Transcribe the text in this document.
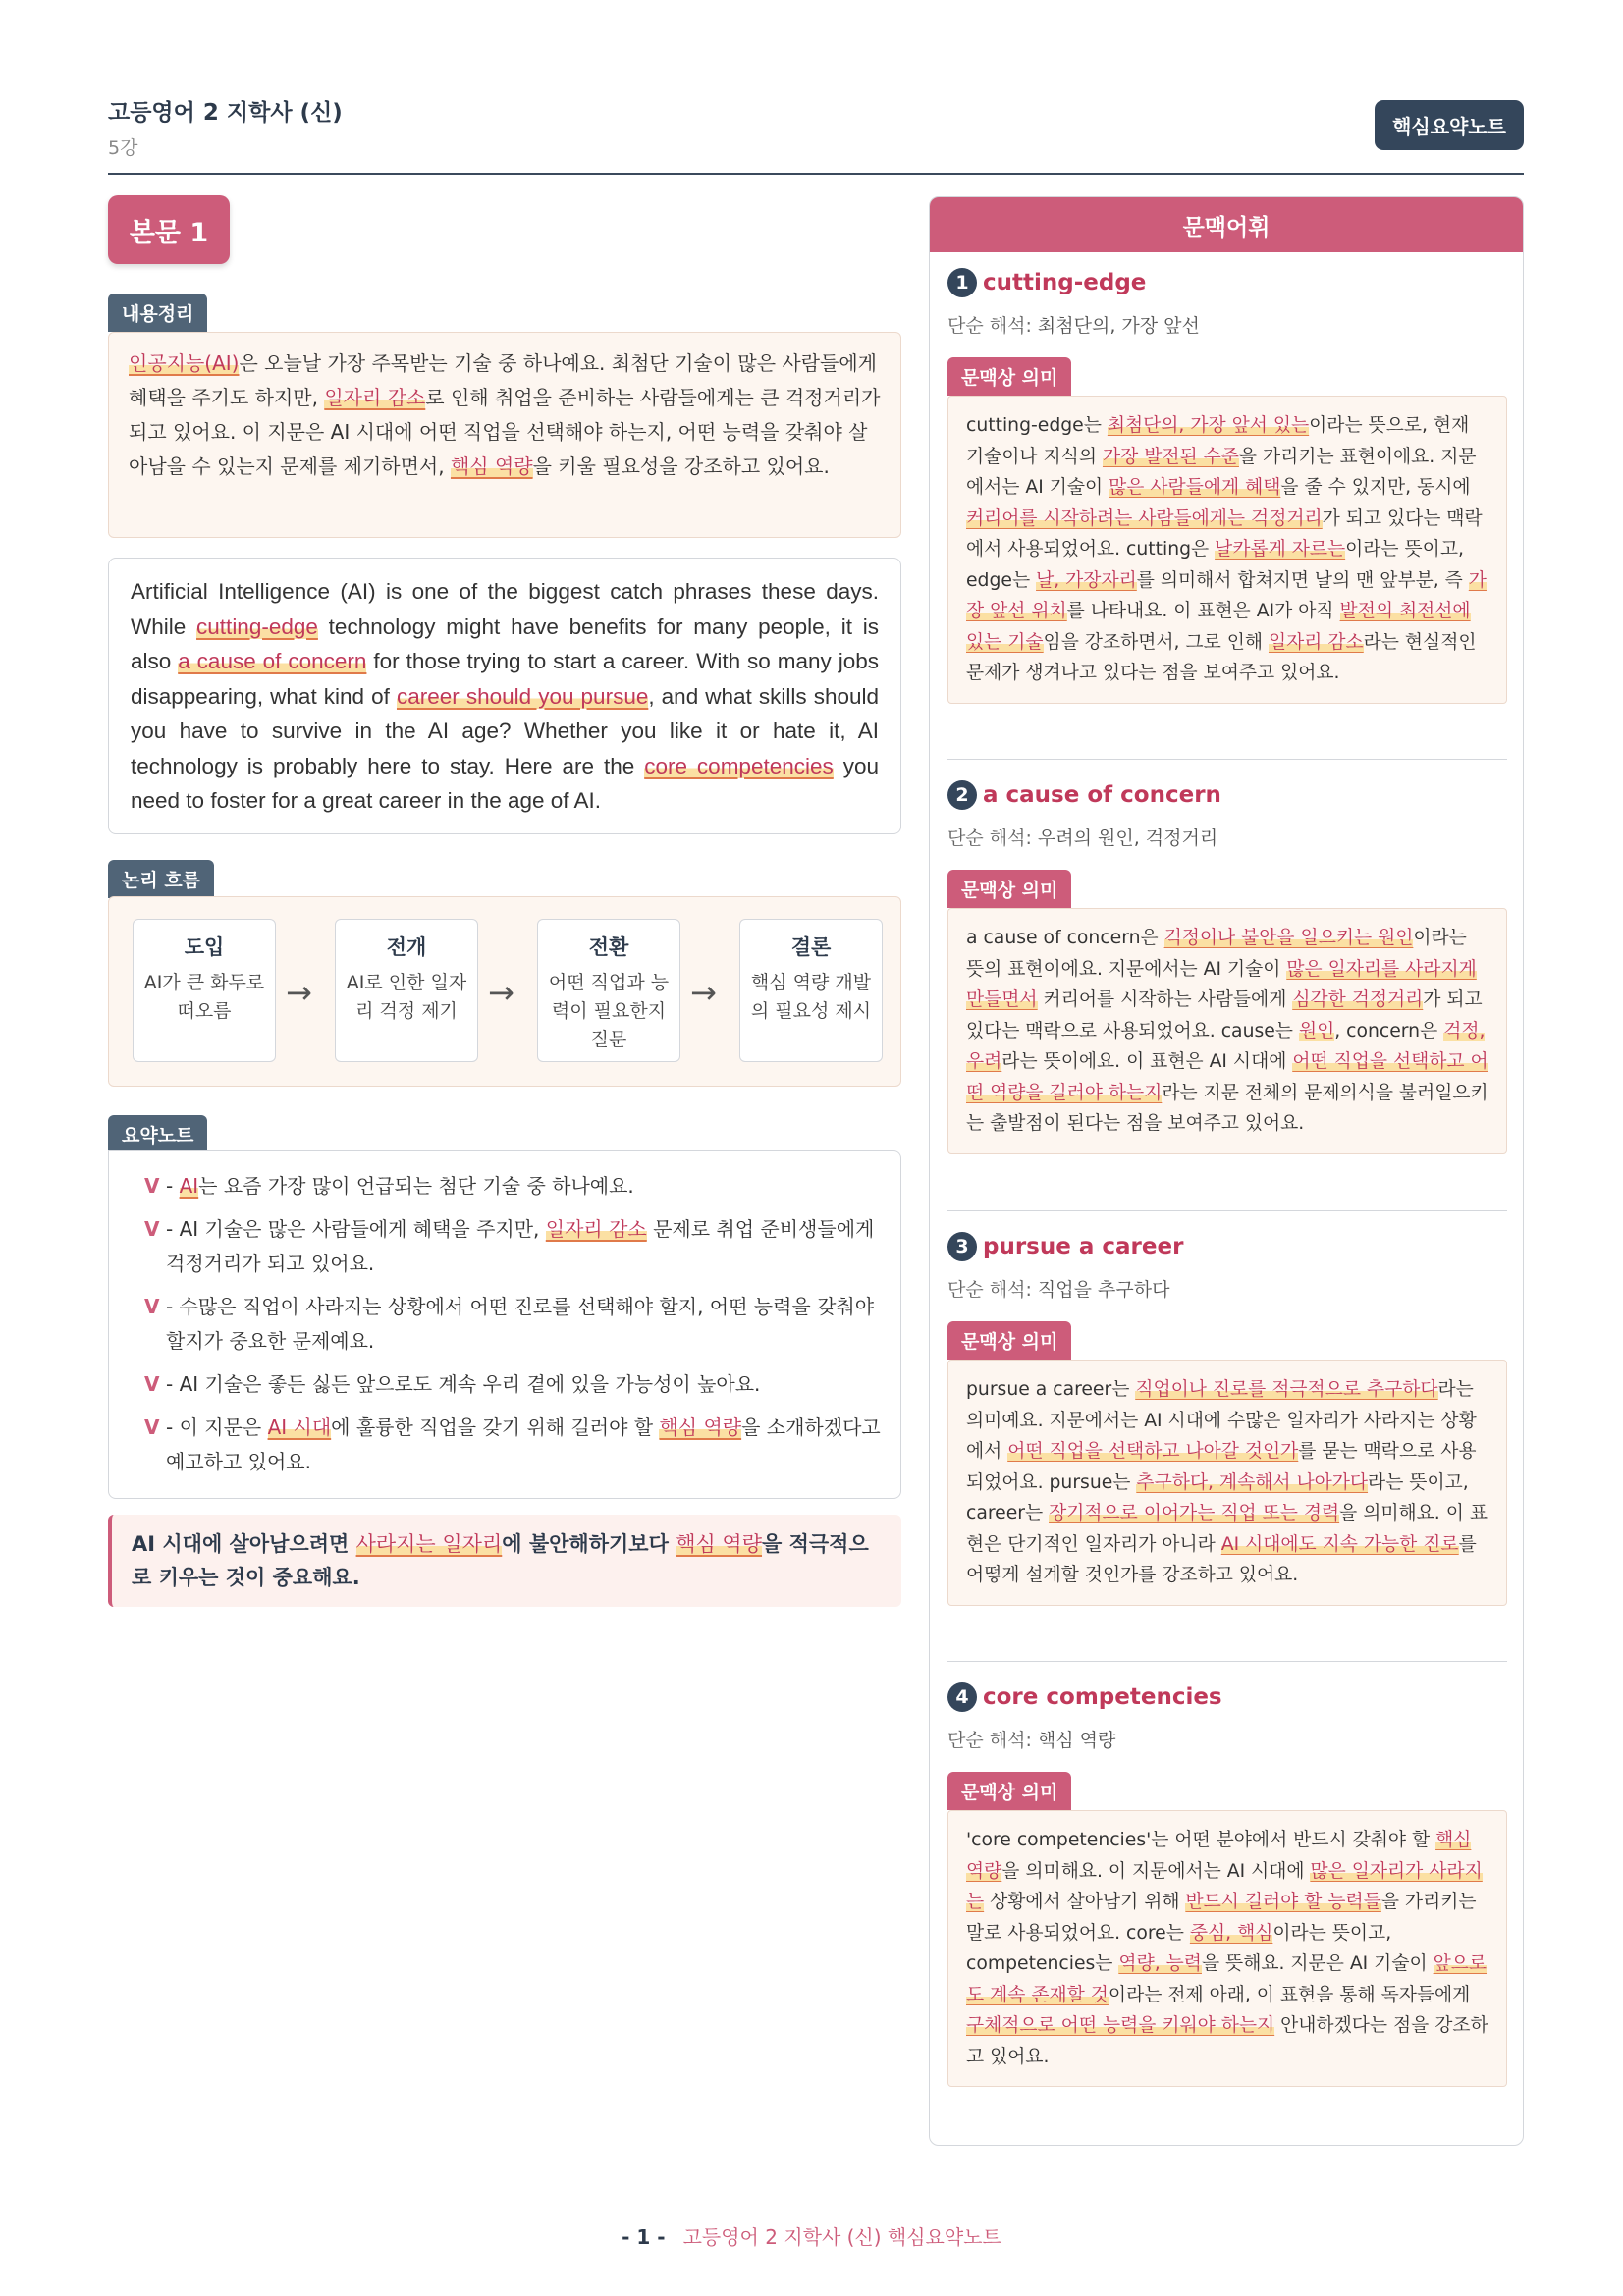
고등영어 2 지학사 (신)
5강
핵심요약노트
본문 1
내용정리
인공지능(AI)은 오늘날 가장 주목받는 기술 중 하나예요. 최첨단 기술이 많은 사람들에게 혜택을 주기도 하지만, 일자리 감소로 인해 취업을 준비하는 사람들에게는 큰 걱정거리가 되고 있어요. 이 지문은 AI 시대에 어떤 직업을 선택해야 하는지, 어떤 능력을 갖춰야 살아남을 수 있는지 문제를 제기하면서, 핵심 역량을 키울 필요성을 강조하고 있어요.
Artificial Intelligence (AI) is one of the biggest catch phrases these days. While cutting-edge technology might have benefits for many people, it is also a cause of concern for those trying to start a career. With so many jobs disappearing, what kind of career should you pursue, and what skills should you have to survive in the AI age? Whether you like it or hate it, AI technology is probably here to stay. Here are the core competencies you need to foster for a great career in the age of AI.
논리 흐름
도입
AI가 큰 화두로 떠오름	→
전개
AI로 인한 일자리 걱정 제기 →
전환
어떤 직업과 능력이 필요한지 질문
→
결론
핵심 역량 개발의 필요성 제시
요약노트
V - AI는 요즘 가장 많이 언급되는 첨단 기술 중 하나예요.
V - AI 기술은 많은 사람들에게 혜택을 주지만, 일자리 감소 문제로 취업 준비생들에게 걱정거리가 되고 있어요.
V - 수많은 직업이 사라지는 상황에서 어떤 진로를 선택해야 할지, 어떤 능력을 갖춰야 할지가 중요한 문제예요.
V - AI 기술은 좋든 싫든 앞으로도 계속 우리 곁에 있을 가능성이 높아요.
V - 이 지문은 AI 시대에 훌륭한 직업을 갖기 위해 길러야 할 핵심 역량을 소개하겠다고 예고하고 있어요.
AI 시대에 살아남으려면 사라지는 일자리에 불안해하기보다 핵심 역량을 적극적으로 키우는 것이 중요해요.
문맥어휘
1 cutting-edge
단순 해석: 최첨단의, 가장 앞선
문맥상 의미
cutting-edge는 최첨단의, 가장 앞서 있는이라는 뜻으로, 현재 기술이나 지식의 가장 발전된 수준을 가리키는 표현이에요. 지문에서는 AI 기술이 많은 사람들에게 혜택을 줄 수 있지만, 동시에 커리어를 시작하려는 사람들에게는 걱정거리가 되고 있다는 맥락에서 사용되었어요. cutting은 날카롭게 자르는이라는 뜻이고, edge는 날, 가장자리를 의미해서 합쳐지면 날의 맨 앞부분, 즉 가장 앞선 위치를 나타내요. 이 표현은 AI가 아직 발전의 최전선에 있는 기술임을 강조하면서, 그로 인해 일자리 감소라는 현실적인 문제가 생겨나고 있다는 점을 보여주고 있어요.
2 a cause of concern
단순 해석: 우려의 원인, 걱정거리
문맥상 의미
a cause of concern은 걱정이나 불안을 일으키는 원인이라는 뜻의 표현이에요. 지문에서는 AI 기술이 많은 일자리를 사라지게 만들면서 커리어를 시작하는 사람들에게 심각한 걱정거리가 되고 있다는 맥락으로 사용되었어요. cause는 원인, concern은 걱정, 우려라는 뜻이에요. 이 표현은 AI 시대에 어떤 직업을 선택하고 어떤 역량을 길러야 하는지라는 지문 전체의 문제의식을 불러일으키는 출발점이 된다는 점을 보여주고 있어요.
3 pursue a career
단순 해석: 직업을 추구하다
문맥상 의미
pursue a career는 직업이나 진로를 적극적으로 추구하다라는 의미예요. 지문에서는 AI 시대에 수많은 일자리가 사라지는 상황에서 어떤 직업을 선택하고 나아갈 것인가를 묻는 맥락으로 사용되었어요. pursue는 추구하다, 계속해서 나아가다라는 뜻이고, career는 장기적으로 이어가는 직업 또는 경력을 의미해요. 이 표현은 단기적인 일자리가 아니라 AI 시대에도 지속 가능한 진로를 어떻게 설계할 것인가를 강조하고 있어요.
4 core competencies
단순 해석: 핵심 역량
문맥상 의미
'core competencies'는 어떤 분야에서 반드시 갖춰야 할 핵심 역량을 의미해요. 이 지문에서는 AI 시대에 많은 일자리가 사라지는 상황에서 살아남기 위해 반드시 길러야 할 능력들을 가리키는 말로 사용되었어요. core는 중심, 핵심이라는 뜻이고, competencies는 역량, 능력을 뜻해요. 지문은 AI 기술이 앞으로도 계속 존재할 것이라는 전제 아래, 이 표현을 통해 독자들에게 구체적으로 어떤 능력을 키워야 하는지 안내하겠다는 점을 강조하고 있어요.
- 1 - 고등영어 2 지학사 (신) 핵심요약노트
